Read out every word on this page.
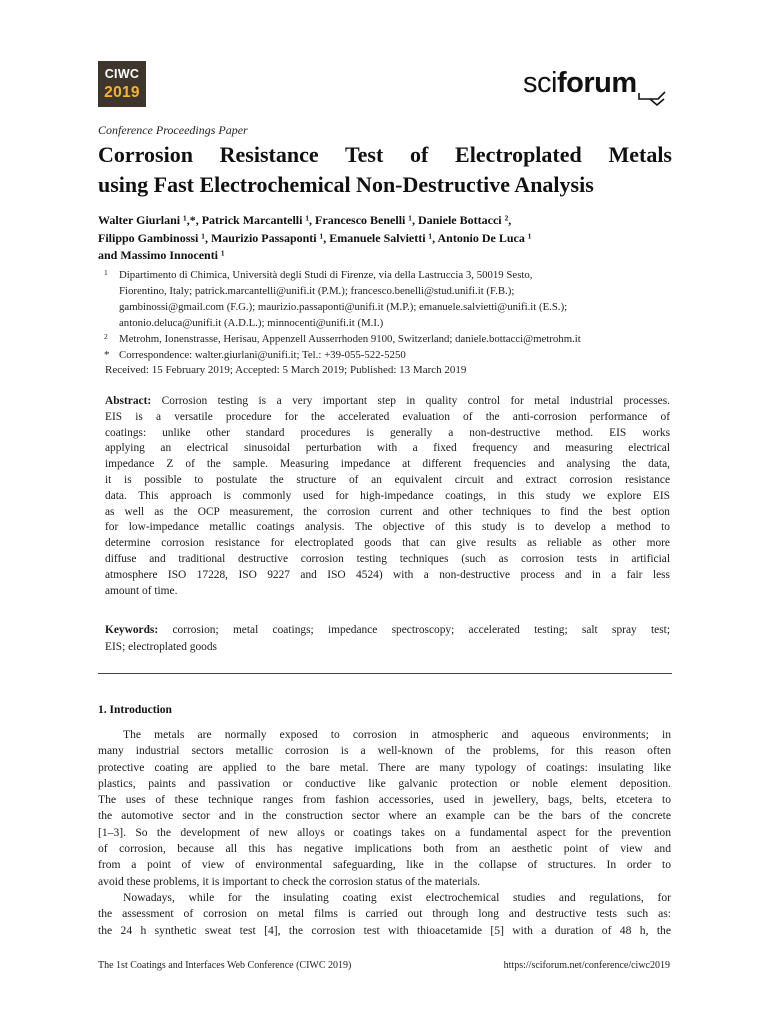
CIWC
2019	sciforum
Conference Proceedings Paper
Corrosion Resistance Test of Electroplated Metals
using Fast Electrochemical Non-Destructive Analysis
Walter Giurlani ¹,*, Patrick Marcantelli ¹, Francesco Benelli ¹, Daniele Bottacci ²,
Filippo Gambinossi ¹, Maurizio Passaponti ¹, Emanuele Salvietti ¹, Antonio De Luca ¹
and Massimo Innocenti ¹
1 Dipartimento di Chimica, Università degli Studi di Firenze, via della Lastruccia 3, 50019 Sesto,
Fiorentino, Italy; patrick.marcantelli@unifi.it (P.M.); francesco.benelli@stud.unifi.it (F.B.);
gambinossi@gmail.com (F.G.); maurizio.passaponti@unifi.it (M.P.); emanuele.salvietti@unifi.it (E.S.);
antonio.deluca@unifi.it (A.D.L.); minnocenti@unifi.it (M.I.)
2 Metrohm, Ionenstrasse, Herisau, Appenzell Ausserrhoden 9100, Switzerland; daniele.bottacci@metrohm.it
* Correspondence: walter.giurlani@unifi.it; Tel.: +39-055-522-5250
Received: 15 February 2019; Accepted: 5 March 2019; Published: 13 March 2019
Abstract: Corrosion testing is a very important step in quality control for metal industrial processes.
EIS is a versatile procedure for the accelerated evaluation of the anti-corrosion performance of
coatings: unlike other standard procedures is generally a non-destructive method. EIS works
applying an electrical sinusoidal perturbation with a fixed frequency and measuring electrical
impedance Z of the sample. Measuring impedance at different frequencies and analysing the data,
it is possible to postulate the structure of an equivalent circuit and extract corrosion resistance
data. This approach is commonly used for high-impedance coatings, in this study we explore EIS
as well as the OCP measurement, the corrosion current and other techniques to find the best option
for low-impedance metallic coatings analysis. The objective of this study is to develop a method to
determine corrosion resistance for electroplated goods that can give results as reliable as other more
diffuse and traditional destructive corrosion testing techniques (such as corrosion tests in artificial
atmosphere ISO 17228, ISO 9227 and ISO 4524) with a non-destructive process and in a fair less
amount of time.
Keywords: corrosion; metal coatings; impedance spectroscopy; accelerated testing; salt spray test;
EIS; electroplated goods
1. Introduction
The metals are normally exposed to corrosion in atmospheric and aqueous environments; in
many industrial sectors metallic corrosion is a well-known of the problems, for this reason often
protective coating are applied to the bare metal. There are many typology of coatings: insulating like
plastics, paints and passivation or conductive like galvanic protection or noble element deposition.
The uses of these technique ranges from fashion accessories, used in jewellery, bags, belts, etcetera to
the automotive sector and in the construction sector where an example can be the bars of the concrete
[1–3]. So the development of new alloys or coatings takes on a fundamental aspect for the prevention
of corrosion, because all this has negative implications both from an aesthetic point of view and
from a point of view of environmental safeguarding, like in the collapse of structures. In order to
avoid these problems, it is important to check the corrosion status of the materials.
Nowadays, while for the insulating coating exist electrochemical studies and regulations, for
the assessment of corrosion on metal films is carried out through long and destructive tests such as:
the 24 h synthetic sweat test [4], the corrosion test with thioacetamide [5] with a duration of 48 h, the
The 1st Coatings and Interfaces Web Conference (CIWC 2019)	https://sciforum.net/conference/ciwc2019
